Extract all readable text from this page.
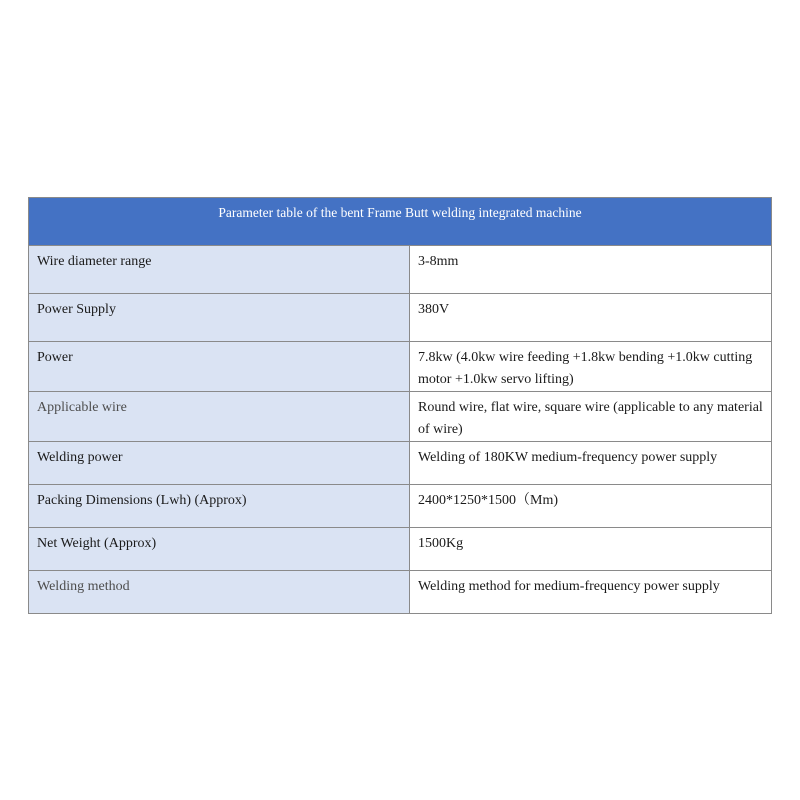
Parameter table of the bent Frame Butt welding integrated machine	
Wire diameter range	3-8mm
Power Supply	380V
Power	7.8kw (4.0kw wire feeding +1.8kw bending +1.0kw cutting motor +1.0kw servo lifting)
Applicable wire	Round wire, flat wire, square wire (applicable to any material of wire)
Welding power	Welding of 180KW medium-frequency power supply
Packing Dimensions (Lwh) (Approx)	2400*1250*1500（Mm)
Net Weight (Approx)	1500Kg
Welding method	Welding method for medium-frequency power supply
